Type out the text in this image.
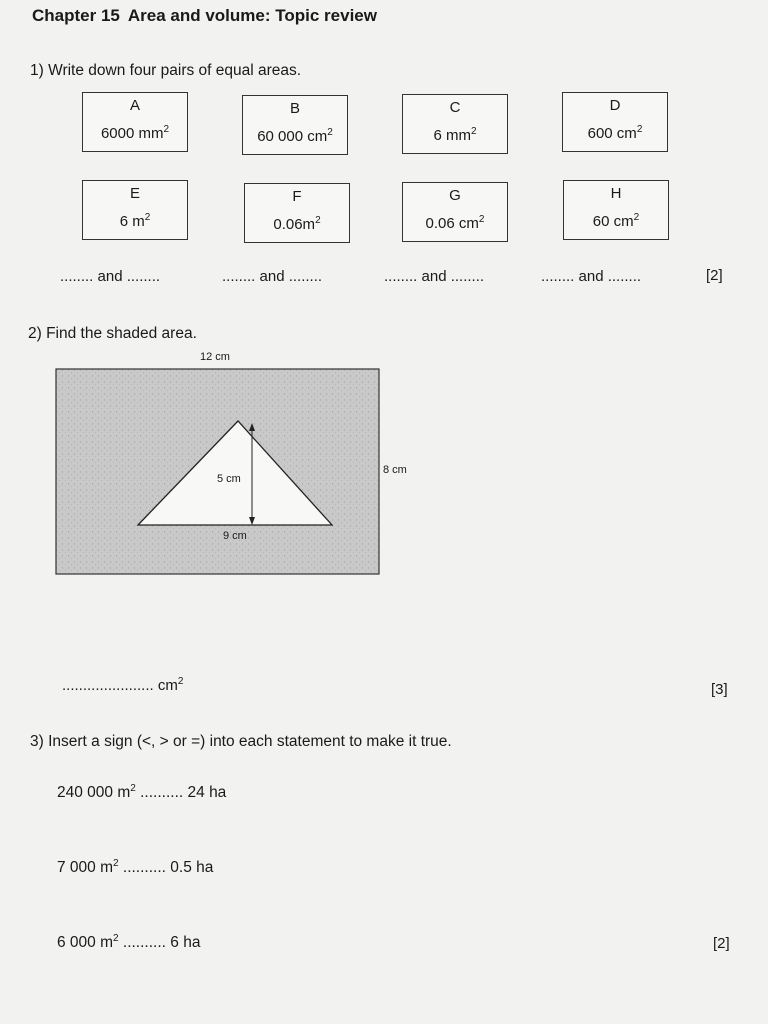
Chapter 15 Area and volume: Topic review
1) Write down four pairs of equal areas.
A
6000 $mm^2$
B
60 000 $cm^2$
C
6 $mm^2$
D
600 $cm^2$
E
6 $m^2$
F
$0.06m^2$
G
0.06 $cm^2$
H
60 $cm^2$
........ and ........	........ and ........	........ and ........	........ and ........	[2]
2) Find the shaded area.
12 cm
8 cm
5 cm
9 cm
...................... $cm^2$	[3]
3) Insert a sign (<, > or =) into each statement to make it true.
240 000 $m^2$ .......... 24 ha
7 000 $m^2$ .......... 0.5 ha
6 000 $m^2$ .......... 6 ha	[2]
